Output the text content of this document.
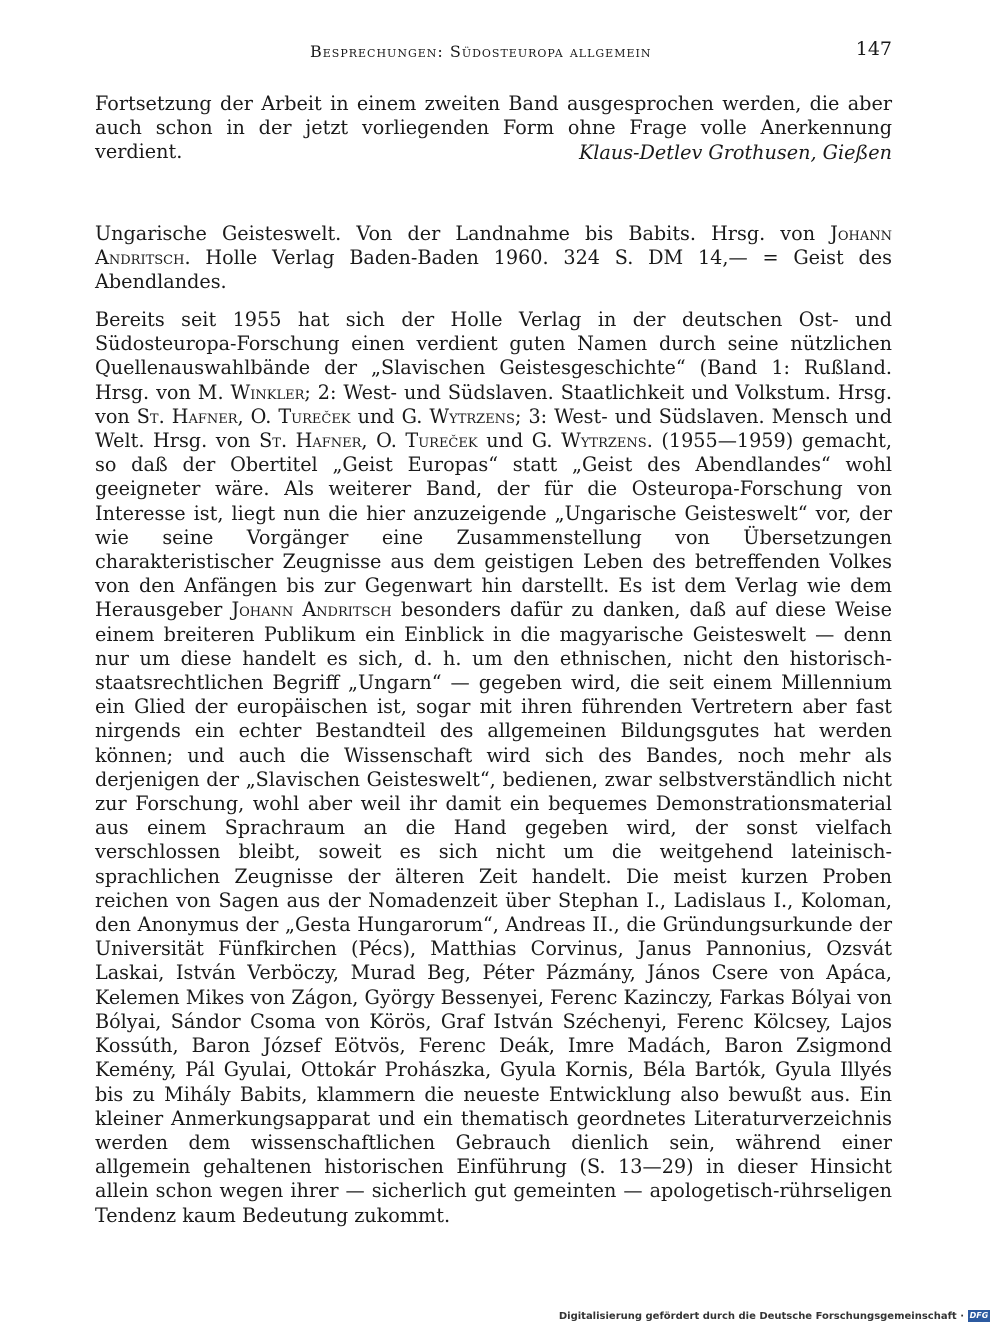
Besprechungen: Südosteuropa allgemein	147
Fortsetzung der Arbeit in einem zweiten Band ausgesprochen werden, die aber auch schon in der jetzt vorliegenden Form ohne Frage volle Anerkennung verdient.	Klaus-Detlev Grothusen, Gießen
Ungarische Geisteswelt. Von der Landnahme bis Babits. Hrsg. von Johann Andritsch. Holle Verlag Baden-Baden 1960. 324 S. DM 14,— = Geist des Abendlandes.
Bereits seit 1955 hat sich der Holle Verlag in der deutschen Ost- und Südosteuropa-Forschung einen verdient guten Namen durch seine nützlichen Quellenauswahlbände der „Slavischen Geistesgeschichte“ (Band 1: Rußland. Hrsg. von M. Winkler; 2: West- und Südslaven. Staatlichkeit und Volkstum. Hrsg. von St. Hafner, O. Tureček und G. Wytrzens; 3: West- und Südslaven. Mensch und Welt. Hrsg. von St. Hafner, O. Tureček und G. Wytrzens. (1955—1959) gemacht, so daß der Obertitel „Geist Europas“ statt „Geist des Abendlandes“ wohl geeigneter wäre. Als weiterer Band, der für die Osteuropa-Forschung von Interesse ist, liegt nun die hier anzuzeigende „Ungarische Geisteswelt“ vor, der wie seine Vorgänger eine Zusammenstellung von Übersetzungen charakteristischer Zeugnisse aus dem geistigen Leben des betreffenden Volkes von den Anfängen bis zur Gegenwart hin darstellt. Es ist dem Verlag wie dem Herausgeber Johann Andritsch besonders dafür zu danken, daß auf diese Weise einem breiteren Publikum ein Einblick in die magyarische Geisteswelt — denn nur um diese handelt es sich, d. h. um den ethnischen, nicht den historisch-staatsrechtlichen Begriff „Ungarn“ — gegeben wird, die seit einem Millennium ein Glied der europäischen ist, sogar mit ihren führenden Vertretern aber fast nirgends ein echter Bestandteil des allgemeinen Bildungsgutes hat werden können; und auch die Wissenschaft wird sich des Bandes, noch mehr als derjenigen der „Slavischen Geisteswelt“, bedienen, zwar selbstverständlich nicht zur Forschung, wohl aber weil ihr damit ein bequemes Demonstrationsmaterial aus einem Sprachraum an die Hand gegeben wird, der sonst vielfach verschlossen bleibt, soweit es sich nicht um die weitgehend lateinisch-sprachlichen Zeugnisse der älteren Zeit handelt. Die meist kurzen Proben reichen von Sagen aus der Nomadenzeit über Stephan I., Ladislaus I., Koloman, den Anonymus der „Gesta Hungarorum“, Andreas II., die Gründungsurkunde der Universität Fünfkirchen (Pécs), Matthias Corvinus, Janus Pannonius, Ozsvát Laskai, István Verböczy, Murad Beg, Péter Pázmány, János Csere von Apáca, Kelemen Mikes von Zágon, György Bessenyei, Ferenc Kazinczy, Farkas Bólyai von Bólyai, Sándor Csoma von Körös, Graf István Széchenyi, Ferenc Kölcsey, Lajos Kossúth, Baron József Eötvös, Ferenc Deák, Imre Madách, Baron Zsigmond Kemény, Pál Gyulai, Ottokár Prohászka, Gyula Kornis, Béla Bartók, Gyula Illyés bis zu Mihály Babits, klammern die neueste Entwicklung also bewußt aus. Ein kleiner Anmerkungsapparat und ein thematisch geordnetes Literaturverzeichnis werden dem wissenschaftlichen Gebrauch dienlich sein, während einer allgemein gehaltenen historischen Einführung (S. 13—29) in dieser Hinsicht allein schon wegen ihrer — sicherlich gut gemeinten — apologetisch-rührseligen Tendenz kaum Bedeutung zukommt.
Digitalisierung gefördert durch die Deutsche Forschungsgemeinschaft · DFG
